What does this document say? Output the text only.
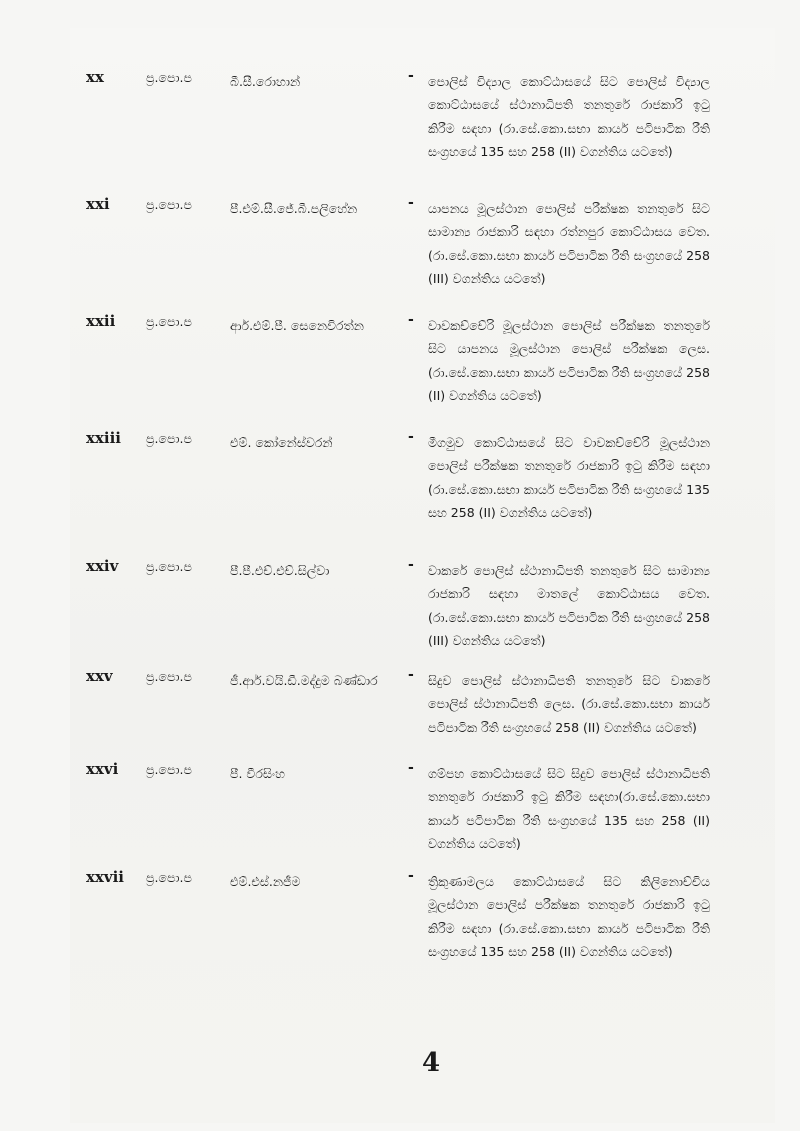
xx	ප්‍ර.පො.ප	බී.සී.රොහාන්	- පොලිස් විද්‍යාල කොට්ඨාසයේ සිට පොලිස් විද්‍යාල කොට්ඨාසයේ ස්ථානාධිපති තනතුරේ රාජකාරි ඉටු කිරීම සඳහා (රා.සේ.කො.සභා කාර්ය පටිපාටික රීති සංග්‍රහයේ 135 සහ 258 (II) වගන්තිය යටතේ)
xxi	ප්‍ර.පො.ප	පී.එම්.සී.ජේ.බී.පලිහේන	- යාපනය මූලස්ථාන පොලිස් පරීක්ෂක තනතුරේ සිට සාමාන්‍ය රාජකාරි සඳහා රත්නපුර කොට්ඨාසය වෙත. (රා.සේ.කො.සභා කාර්ය පටිපාටික රීති සංග්‍රහයේ 258 (III) වගන්තිය යටතේ)
xxii ප්‍ර.පො.ප	ආර්.එම්.පී. සෙනෙවිරත්න	- වාවකච්චේරි මූලස්ථාන පොලිස් පරීක්ෂක තනතුරේ සිට යාපනය මූලස්ථාන පොලිස් පරීක්ෂක ලෙස. (රා.සේ.කො.සභා කාර්ය පටිපාටික රීති සංග්‍රහයේ 258 (II) වගන්තිය යටතේ)
xxiii ප්‍ර.පො.ප	එම්. කෝනේස්වරන්	- මීගමුව කොට්ඨාසයේ සිට වාවකච්චේරි මූලස්ථාන පොලිස් පරීක්ෂක තනතුරේ රාජකාරි ඉටු කිරීම සඳහා (රා.සේ.කො.සභා කාර්ය පටිපාටික රීති සංග්‍රහයේ 135 සහ 258 (II) වගන්තිය යටතේ)
xxiv ප්‍ර.පො.ප	පී.පී.එච්.එච්.සිල්වා	- වාකරේ පොලිස් ස්ථානාධිපති තනතුරේ සිට සාමාන්‍ය රාජකාරි සඳහා මාතලේ කොට්ඨාසය වෙත. (රා.සේ.කො.සභා කාර්ය පටිපාටික රීති සංග්‍රහයේ 258 (III) වගන්තිය යටතේ)
xxv	ප්‍ර.පො.ප	ජී.ආර්.වයි.ඩී.මද්දුම බණ්ඩාර	- සිදුව පොලිස් ස්ථානාධිපති තනතුරේ සිට වාකරේ පොලිස් ස්ථානාධිපති ලෙස. (රා.සේ.කො.සභා කාර්ය පටිපාටික රීති සංග්‍රහයේ 258 (II) වගන්තිය යටතේ)
xxvi ප්‍ර.පො.ප	පී. වීරසිංහ	- ගම්පහ කොට්ඨාසයේ සිට සිදුව පොලිස් ස්ථානාධිපති තනතුරේ රාජකාරි ඉටු කිරීම සඳහා(රා.සේ.කො.සභා කාර්ය පටිපාටික රීති සංග්‍රහයේ 135 සහ 258 (II) වගන්තිය යටතේ)
xxvii ප්‍ර.පො.ප	එම්.එස්.නජීම	- ත්‍රිකුණාමලය කොට්ඨාසයේ සිට කිලිනොච්චිය මූලස්ථාන පොලිස් පරීක්ෂක තනතුරේ රාජකාරි ඉටු කිරීම සඳහා (රා.සේ.කො.සභා කාර්ය පටිපාටික රීති සංග්‍රහයේ 135 සහ 258 (II) වගන්තිය යටතේ)
4
